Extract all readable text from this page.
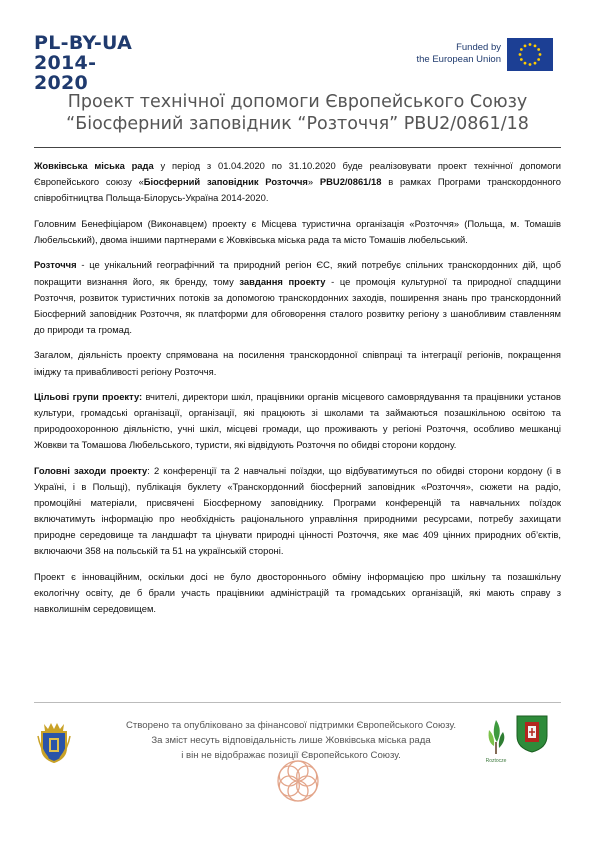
PL-BY-UA
2014-2020
Funded by
the European Union
Проект технічної допомоги Європейського Союзу
“Біосферний заповідник “Розточчя” PBU2/0861/18

Жовківська міська рада у період з 01.04.2020 по 31.10.2020 буде реалізовувати проект технічної допомоги Європейського союзу «Біосферний заповідник Розточчя» PBU2/0861/18 в рамках Програми транскордонного співробітництва Польща-Білорусь-Україна 2014-2020.

Головним Бенефіціаром (Виконавцем) проекту є Місцева туристична організація «Розточчя» (Польща, м. Томашів Любельський), двома іншими партнерами є Жовківська міська рада та місто Томашів любельський.

Розточчя - це унікальний географічний та природний регіон ЄС, який потребує спільних транскордонних дій, щоб покращити визнання його, як бренду, тому завдання проекту - це промоція культурної та природної спадщини Розточчя, розвиток туристичних потоків за допомогою транскордонних заходів, поширення знань про транскордонний Біосферний заповідник Розточчя, як платформи для обговорення сталого розвитку регіону з шанобливим ставленням до природи та громад.

Загалом, діяльність проекту спрямована на посилення транскордонної співпраці та інтеграції регіонів, покращення іміджу та привабливості регіону Розточчя.

Цільові групи проекту: вчителі, директори шкіл, працівники органів місцевого самоврядування та працівники установ культури, громадські організації, організації, які працюють зі школами та займаються позашкільною освітою та природоохоронною діяльністю, учні шкіл, місцеві громади, що проживають у регіоні Розточчя, особливо мешканці Жовкви та Томашова Любельського, туристи, які відвідують Розточчя по обидві сторони кордону.

Головні заходи проекту: 2 конференції та 2 навчальні поїздки, що відбуватимуться по обидві сторони кордону (і в Україні, і в Польщі), публікація буклету «Транскордонний біосферний заповідник «Розточчя», сюжети на радіо, промоційні матеріали, присвячені Біосферному заповіднику. Програми конференцій та навчальних поїздок включатимуть інформацію про необхідність раціонального управління природними ресурсами, потребу захищати природне середовище та ландшафт та цінувати природні цінності Розточчя, яке має 409 цінних природних об’єктів, включаючи 358 на польській та 51 на українській стороні.

Проект є інноваційним, оскільки досі не було двостороннього обміну інформацією про шкільну та позашкільну екологічну освіту, де б брали участь працівники адміністрацій та громадських організацій, які мають справу з навколишнім середовищем.

Створено та опубліковано за фінансової підтримки Європейського Союзу.
За зміст несуть відповідальність лише Жовківська міська рада
і він не відображає позиції Європейського Союзу.	Roztocze
